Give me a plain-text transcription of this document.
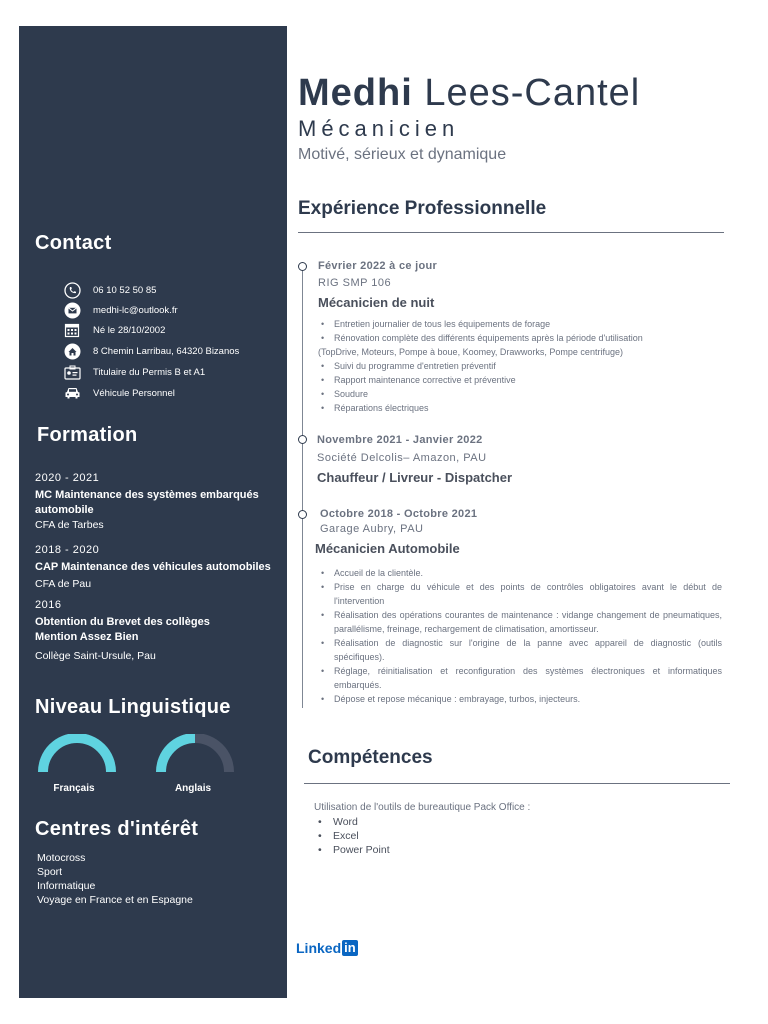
Contact
06 10 52 50 85
medhi-lc@outlook.fr
Né le 28/10/2002
8 Chemin Larribau, 64320 Bizanos
Titulaire du Permis B et A1
Véhicule Personnel
Formation
2020 - 2021
MC Maintenance des systèmes embarqués
automobile
CFA de Tarbes
2018 - 2020
CAP Maintenance des véhicules automobiles
CFA de Pau
2016
Obtention du Brevet des collèges
Mention Assez Bien
Collège Saint-Ursule, Pau
Niveau Linguistique
Français	Anglais
Centres d'intérêt
Motocross
Sport
Informatique
Voyage en France et en Espagne
Medhi Lees-Cantel
Mécanicien
Motivé, sérieux et dynamique
Expérience Professionnelle
Février 2022 à ce jour
RIG SMP 106
Mécanicien de nuit
• Entretien journalier de tous les équipements de forage
• Rénovation complète des différents équipements après la période d'utilisation
(TopDrive, Moteurs, Pompe à boue, Koomey, Drawworks, Pompe centrifuge)
• Suivi du programme d'entretien préventif
• Rapport maintenance corrective et préventive
• Soudure
• Réparations électriques
Novembre 2021 - Janvier 2022
Société Delcolis– Amazon, PAU
Chauffeur / Livreur - Dispatcher
Octobre 2018 - Octobre 2021
Garage Aubry, PAU
Mécanicien Automobile
• Accueil de la clientèle.
• Prise en charge du véhicule et des points de contrôles obligatoires avant le début de l'intervention
• Réalisation des opérations courantes de maintenance : vidange changement de pneumatiques, parallélisme, freinage, rechargement de climatisation, amortisseur.
• Réalisation de diagnostic sur l'origine de la panne avec appareil de diagnostic (outils spécifiques).
• Réglage, réinitialisation et reconfiguration des systèmes électroniques et informatiques embarqués.
• Dépose et repose mécanique : embrayage, turbos, injecteurs.
Compétences
Utilisation de l'outils de bureautique Pack Office :
• Word
• Excel
• Power Point
Linked in
